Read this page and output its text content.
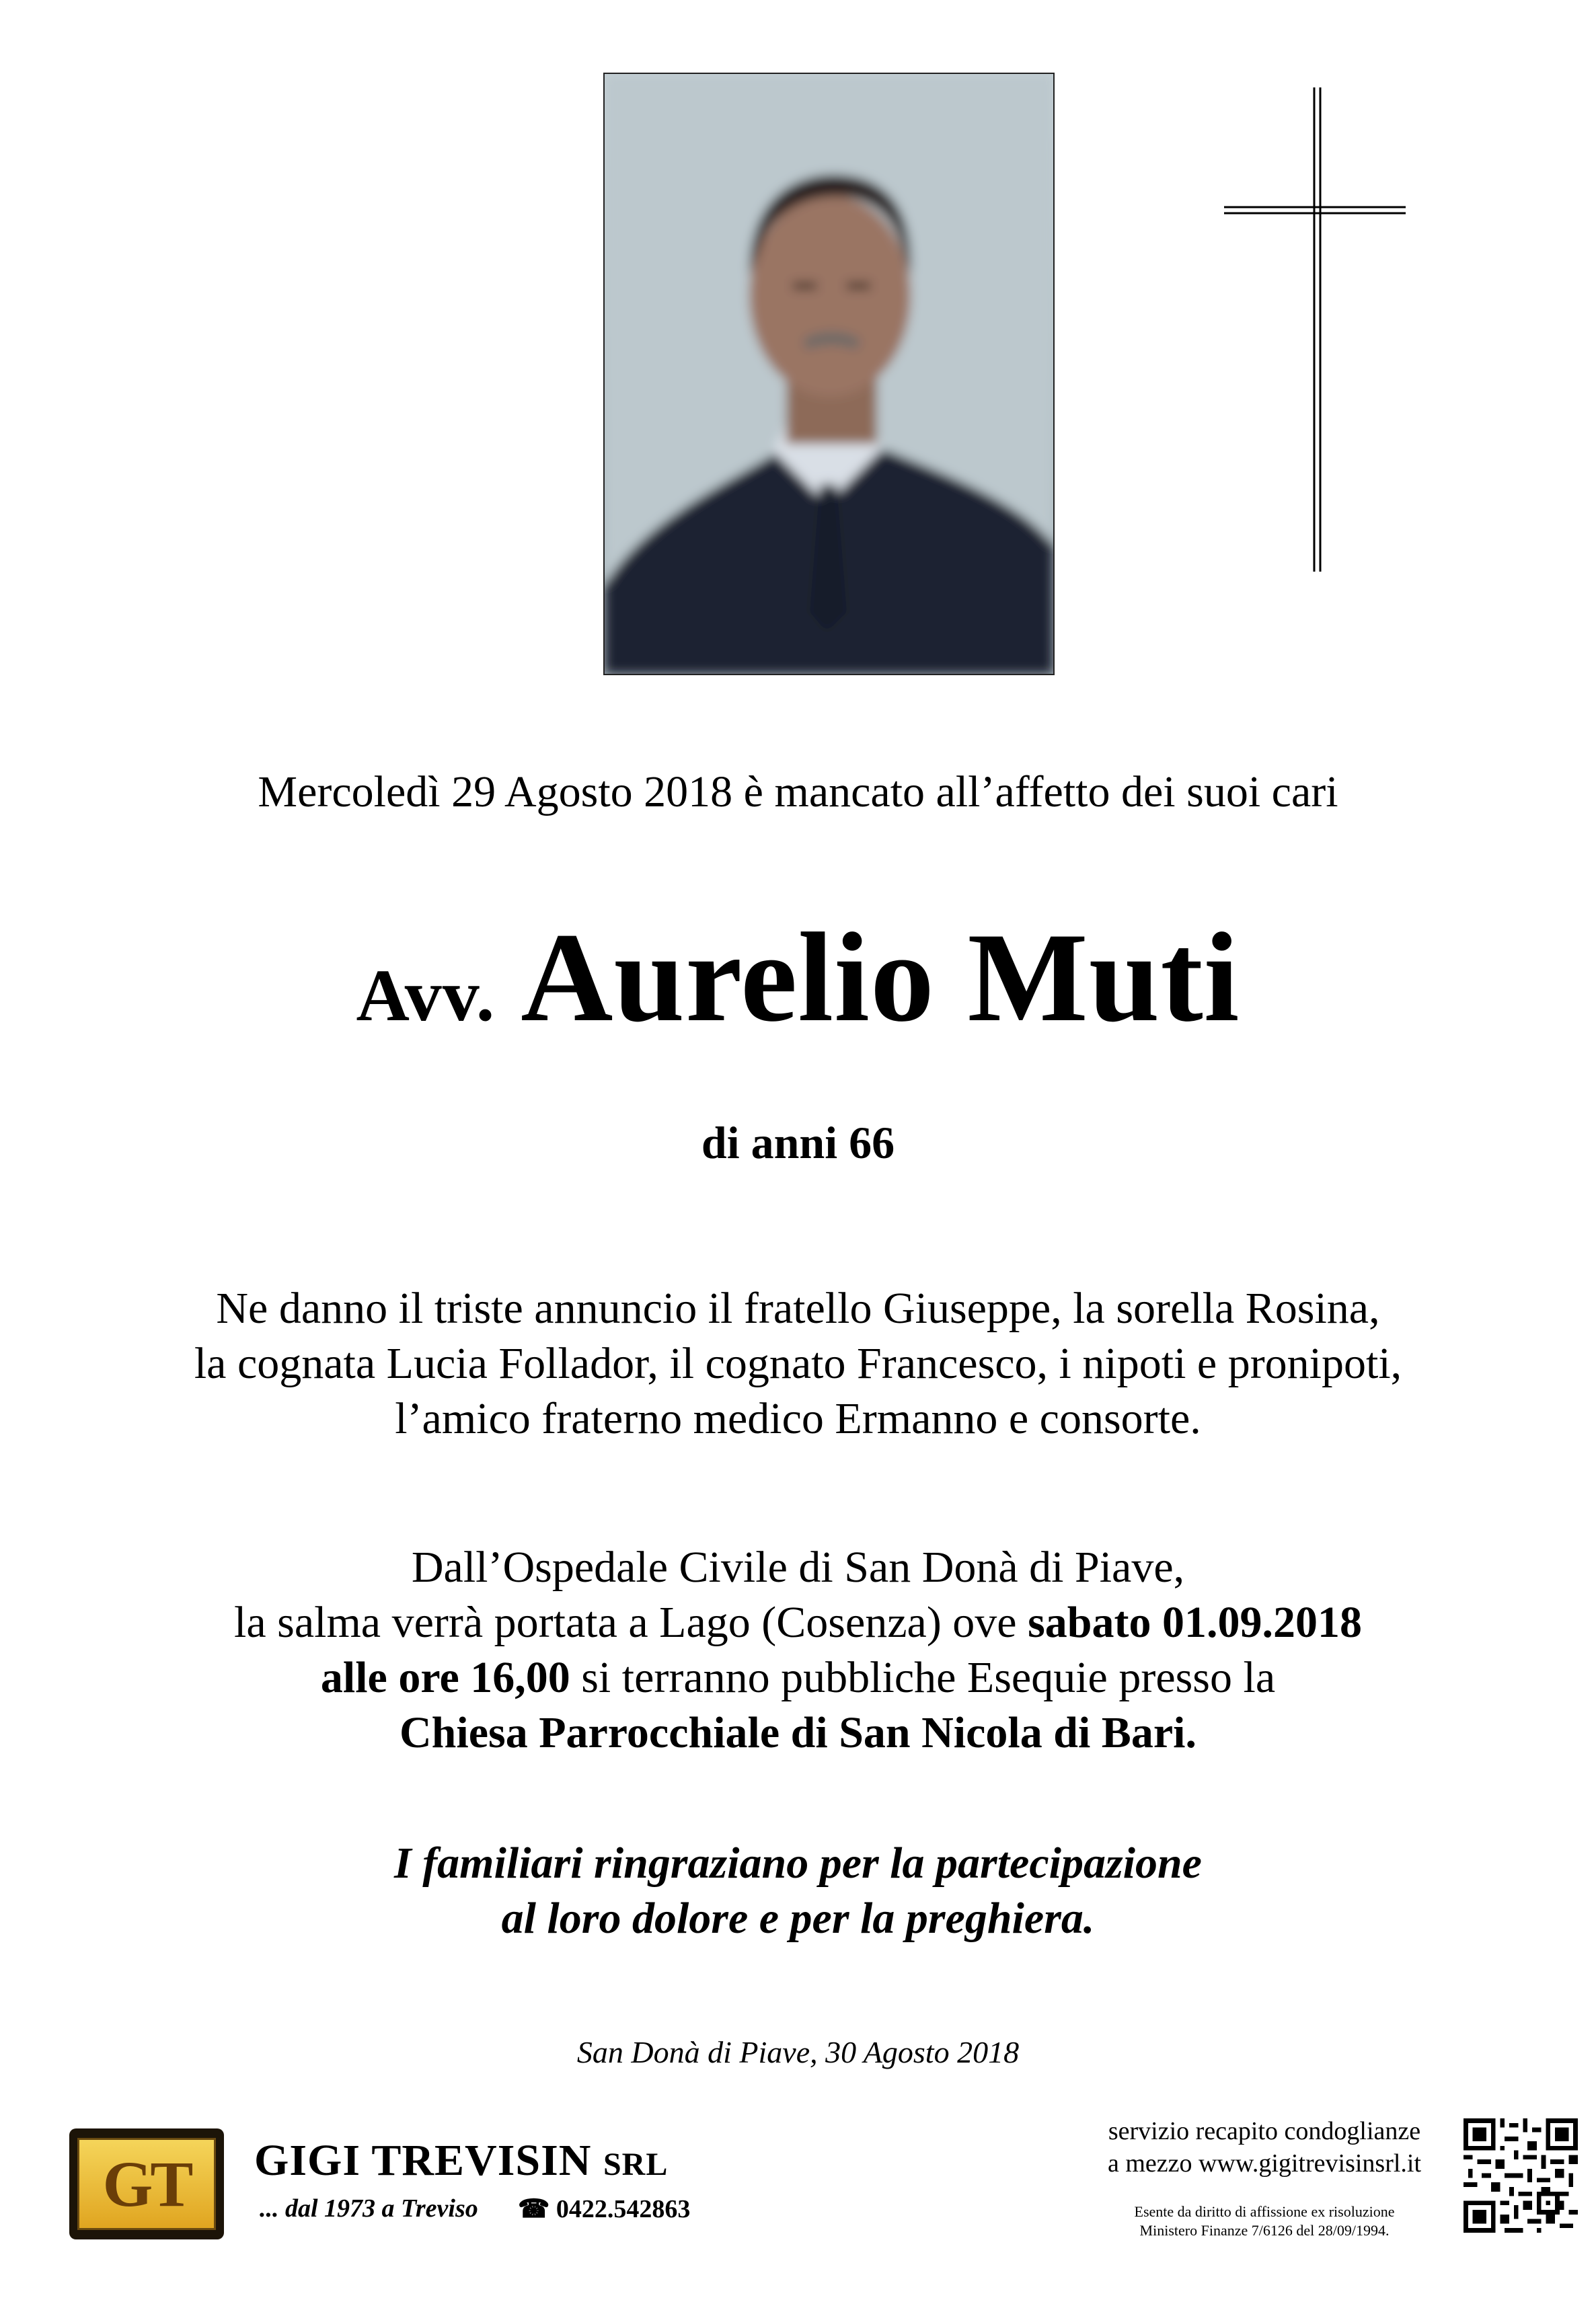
Mercoledì 29 Agosto 2018 è mancato all’affetto dei suoi cari

Avv. Aurelio Muti

di anni 66

Ne danno il triste annuncio il fratello Giuseppe, la sorella Rosina,
la cognata Lucia Follador, il cognato Francesco, i nipoti e pronipoti,
l’amico fraterno medico Ermanno e consorte.
Dall’Ospedale Civile di San Donà di Piave,
la salma verrà portata a Lago (Cosenza) ove sabato 01.09.2018
alle ore 16,00 si terranno pubbliche Esequie presso la
Chiesa Parrocchiale di San Nicola di Bari.
I familiari ringraziano per la partecipazione
al loro dolore e per la preghiera.

San Donà di Piave, 30 Agosto 2018

GT GIGI TREVISIN SRL
... dal 1973 a Treviso ☎ 0422.542863
servizio recapito condoglianze
a mezzo www.gigitrevisinsrl.it
Esente da diritto di affissione ex risoluzione
Ministero Finanze 7/6126 del 28/09/1994.
